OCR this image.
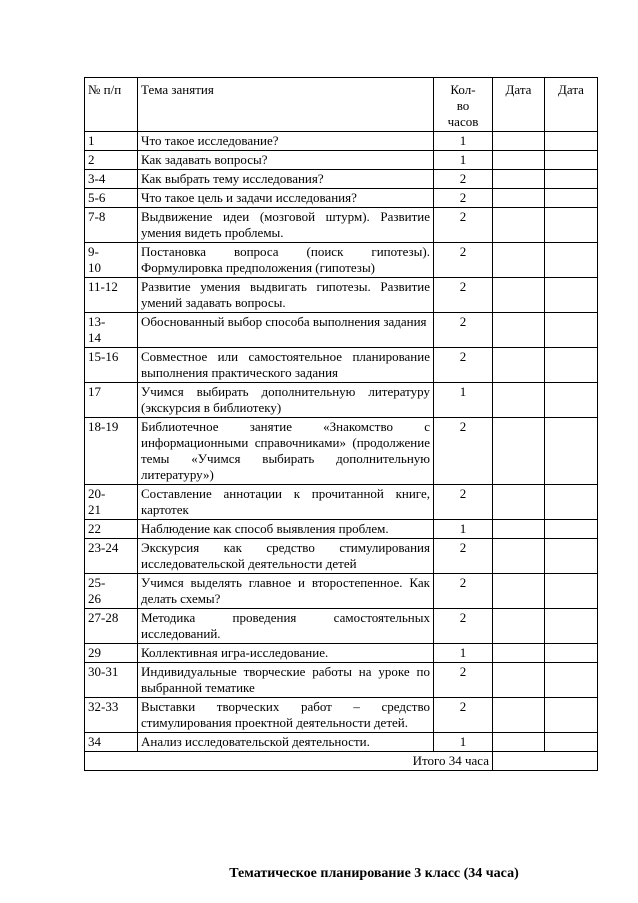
№ п/п	Тема занятия	Кол-
во
часов	Дата	Дата
1	Что такое исследование?	1		
2	Как задавать вопросы?	1		
3-4	Как выбрать тему исследования?	2		
5-6	Что такое цель и задачи исследования?	2		
7-8	Выдвижение идеи (мозговой штурм). Развитие умения видеть проблемы.	2		
9-
10	Постановка вопроса (поиск гипотезы). Формулировка предположения (гипотезы)	2		
11-12	Развитие умения выдвигать гипотезы. Развитие умений задавать вопросы.	2		
13-
14	Обоснованный выбор способа выполнения задания	2		
15-16	Совместное или самостоятельное планирование выполнения практического задания	2		
17	Учимся выбирать дополнительную литературу (экскурсия в библиотеку)	1		
18-19	Библиотечное занятие «Знакомство с информационными справочниками» (продолжение темы «Учимся выбирать дополнительную литературу»)	2		
20-
21	Составление аннотации к прочитанной книге, картотек	2		
22	Наблюдение как способ выявления проблем.	1		
23-24	Экскурсия как средство стимулирования исследовательской деятельности детей	2		
25-
26	Учимся выделять главное и второстепенное. Как делать схемы?	2		
27-28	Методика проведения самостоятельных исследований.	2		
29	Коллективная игра-исследование.	1		
30-31	Индивидуальные творческие работы на уроке по выбранной тематике	2		
32-33	Выставки творческих работ – средство стимулирования проектной деятельности детей.	2		
34	Анализ исследовательской деятельности.	1		
Итого 34 часа				
Тематическое планирование 3 класс (34 часа)
